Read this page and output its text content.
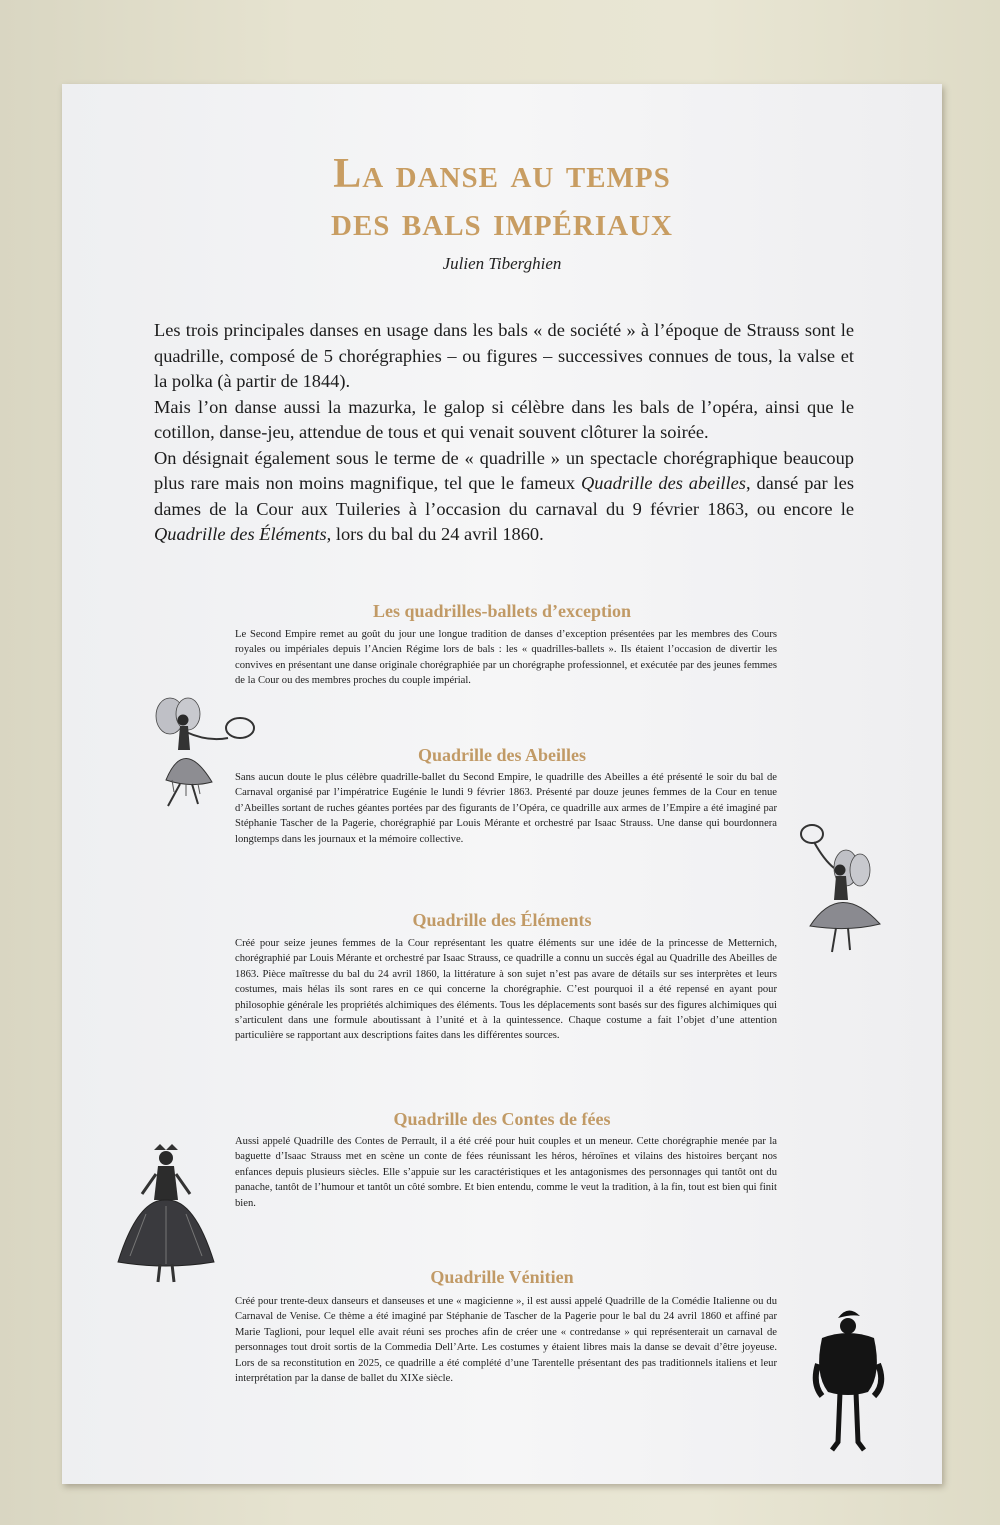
La danse au temps
des bals impériaux
Julien Tiberghien

Les trois principales danses en usage dans les bals « de société » à l’époque de Strauss sont le quadrille, composé de 5 chorégraphies – ou figures – successives connues de tous, la valse et la polka (à partir de 1844).

Mais l’on danse aussi la mazurka, le galop si célèbre dans les bals de l’opéra, ainsi que le cotillon, danse-jeu, attendue de tous et qui venait souvent clôturer la soirée.

On désignait également sous le terme de « quadrille » un spectacle chorégraphique beaucoup plus rare mais non moins magnifique, tel que le fameux Quadrille des abeilles, dansé par les dames de la Cour aux Tuileries à l’occasion du carnaval du 9 février 1863, ou encore le Quadrille des Éléments, lors du bal du 24 avril 1860.

Les quadrilles-ballets d’exception

Le Second Empire remet au goût du jour une longue tradition de danses d’exception présentées par les membres des Cours royales ou impériales depuis l’Ancien Régime lors de bals : les « quadrilles-ballets ». Ils étaient l’occasion de divertir les convives en présentant une danse originale chorégraphiée par un chorégraphe professionnel, et exécutée par des jeunes femmes de la Cour ou des membres proches du couple impérial.

Quadrille des Abeilles

Sans aucun doute le plus célèbre quadrille-ballet du Second Empire, le quadrille des Abeilles a été présenté le soir du bal de Carnaval organisé par l’impératrice Eugénie le lundi 9 février 1863. Présenté par douze jeunes femmes de la Cour en tenue d’Abeilles sortant de ruches géantes portées par des figurants de l’Opéra, ce quadrille aux armes de l’Empire a été imaginé par Stéphanie Tascher de la Pagerie, chorégraphié par Louis Mérante et orchestré par Isaac Strauss. Une danse qui bourdonnera longtemps dans les journaux et la mémoire collective.

Quadrille des Éléments

Créé pour seize jeunes femmes de la Cour représentant les quatre éléments sur une idée de la princesse de Metternich, chorégraphié par Louis Mérante et orchestré par Isaac Strauss, ce quadrille a connu un succès égal au Quadrille des Abeilles de 1863. Pièce maîtresse du bal du 24 avril 1860, la littérature à son sujet n’est pas avare de détails sur ses interprètes et leurs costumes, mais hélas ils sont rares en ce qui concerne la chorégraphie. C’est pourquoi il a été repensé en ayant pour philosophie générale les propriétés alchimiques des éléments. Tous les déplacements sont basés sur des figures alchimiques qui s’articulent dans une formule aboutissant à l’unité et à la quintessence. Chaque costume a fait l’objet d’une attention particulière se rapportant aux descriptions faites dans les différentes sources.

Quadrille des Contes de fées

Aussi appelé Quadrille des Contes de Perrault, il a été créé pour huit couples et un meneur. Cette chorégraphie menée par la baguette d’Isaac Strauss met en scène un conte de fées réunissant les héros, héroïnes et vilains des histoires berçant nos enfances depuis plusieurs siècles. Elle s’appuie sur les caractéristiques et les antagonismes des personnages qui tantôt ont du panache, tantôt de l’humour et tantôt un côté sombre. Et bien entendu, comme le veut la tradition, à la fin, tout est bien qui finit bien.

Quadrille Vénitien

Créé pour trente-deux danseurs et danseuses et une « magicienne », il est aussi appelé Quadrille de la Comédie Italienne ou du Carnaval de Venise. Ce thème a été imaginé par Stéphanie de Tascher de la Pagerie pour le bal du 24 avril 1860 et affiné par Marie Taglioni, pour lequel elle avait réuni ses proches afin de créer une « contredanse » qui représenterait un carnaval de personnages tout droit sortis de la Commedia Dell’Arte. Les costumes y étaient libres mais la danse se devait d’être joyeuse. Lors de sa reconstitution en 2025, ce quadrille a été complété d’une Tarentelle présentant des pas traditionnels italiens et leur interprétation par la danse de ballet du XIXe siècle.
